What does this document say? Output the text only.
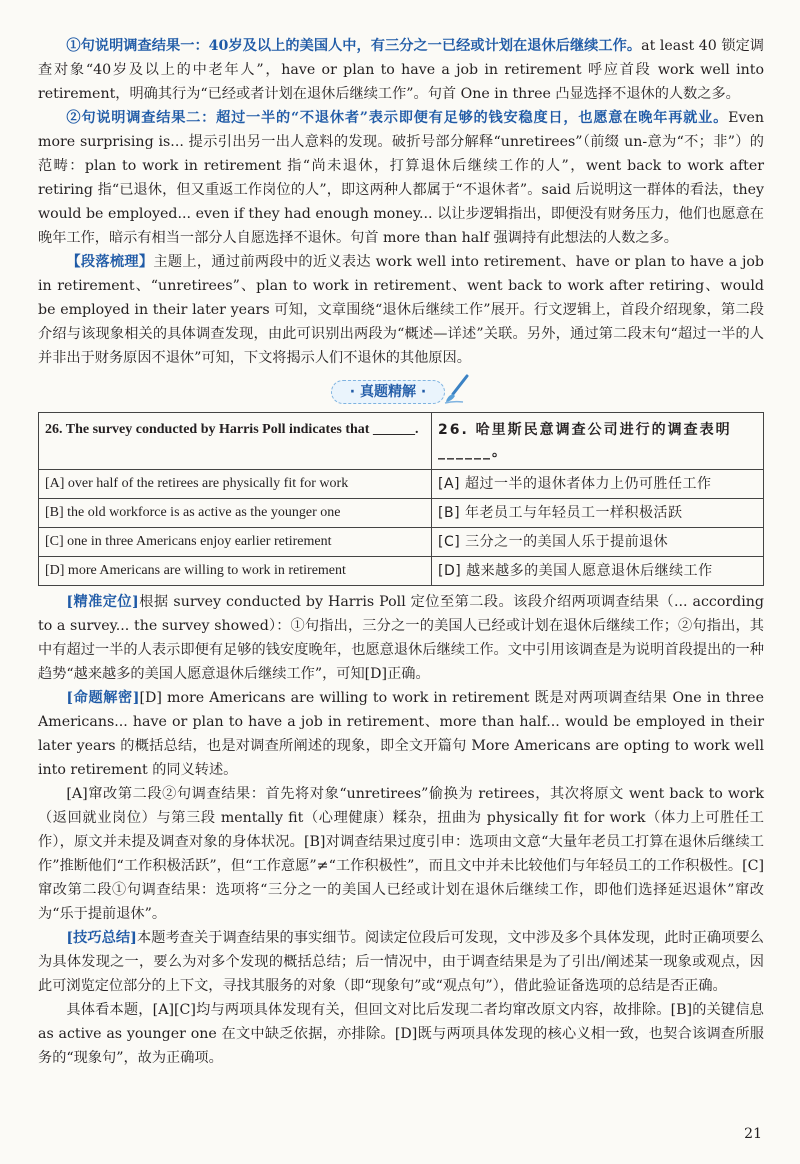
①句说明调查结果一：40岁及以上的美国人中，有三分之一已经或计划在退休后继续工作。at least 40 锁定调查对象“40岁及以上的中老年人”，have or plan to have a job in retirement 呼应首段 work well into retirement，明确其行为“已经或者计划在退休后继续工作”。句首 One in three 凸显选择不退休的人数之多。

②句说明调查结果二：超过一半的“不退休者”表示即便有足够的钱安稳度日，也愿意在晚年再就业。Even more surprising is... 提示引出另一出人意料的发现。破折号部分解释“unretirees”（前缀 un-意为“不；非”）的范畴：plan to work in retirement 指“尚未退休，打算退休后继续工作的人”，went back to work after retiring 指“已退休，但又重返工作岗位的人”，即这两种人都属于“不退休者”。said 后说明这一群体的看法，they would be employed... even if they had enough money... 以让步逻辑指出，即便没有财务压力，他们也愿意在晚年工作，暗示有相当一部分人自愿选择不退休。句首 more than half 强调持有此想法的人数之多。

【段落梳理】主题上，通过前两段中的近义表达 work well into retirement、have or plan to have a job in retirement、“unretirees”、plan to work in retirement、went back to work after retiring、would be employed in their later years 可知，文章围绕“退休后继续工作”展开。行文逻辑上，首段介绍现象，第二段介绍与该现象相关的具体调查发现，由此可识别出两段为“概述—详述”关联。另外，通过第二段末句“超过一半的人并非出于财务原因不退休”可知，下文将揭示人们不退休的其他原因。

· 真题精解 ·
26. The survey conducted by Harris Poll indicates that ______.	26. 哈里斯民意调查公司进行的调查表明______。
[A] over half of the retirees are physically fit for work	[A] 超过一半的退休者体力上仍可胜任工作
[B] the old workforce is as active as the younger one	[B] 年老员工与年轻员工一样积极活跃
[C] one in three Americans enjoy earlier retirement	[C] 三分之一的美国人乐于提前退休
[D] more Americans are willing to work in retirement	[D] 越来越多的美国人愿意退休后继续工作

[精准定位]根据 survey conducted by Harris Poll 定位至第二段。该段介绍两项调查结果（... according to a survey... the survey showed）：①句指出，三分之一的美国人已经或计划在退休后继续工作；②句指出，其中有超过一半的人表示即便有足够的钱安度晚年，也愿意退休后继续工作。文中引用该调查是为说明首段提出的一种趋势“越来越多的美国人愿意退休后继续工作”，可知[D]正确。

[命题解密][D] more Americans are willing to work in retirement 既是对两项调查结果 One in three Americans... have or plan to have a job in retirement、more than half... would be employed in their later years 的概括总结，也是对调查所阐述的现象，即全文开篇句 More Americans are opting to work well into retirement 的同义转述。

[A]窜改第二段②句调查结果：首先将对象“unretirees”偷换为 retirees，其次将原文 went back to work（返回就业岗位）与第三段 mentally fit（心理健康）糅杂，扭曲为 physically fit for work（体力上可胜任工作），原文并未提及调查对象的身体状况。[B]对调查结果过度引申：选项由文意“大量年老员工打算在退休后继续工作”推断他们“工作积极活跃”，但“工作意愿”≠“工作积极性”，而且文中并未比较他们与年轻员工的工作积极性。[C]窜改第二段①句调查结果：选项将“三分之一的美国人已经或计划在退休后继续工作，即他们选择延迟退休”窜改为“乐于提前退休”。

[技巧总结]本题考查关于调查结果的事实细节。阅读定位段后可发现，文中涉及多个具体发现，此时正确项要么为具体发现之一，要么为对多个发现的概括总结；后一情况中，由于调查结果是为了引出/阐述某一现象或观点，因此可浏览定位部分的上下文，寻找其服务的对象（即“现象句”或“观点句”），借此验证备选项的总结是否正确。

具体看本题，[A][C]均与两项具体发现有关，但回文对比后发现二者均窜改原文内容，故排除。[B]的关键信息 as active as younger one 在文中缺乏依据，亦排除。[D]既与两项具体发现的核心义相一致，也契合该调查所服务的“现象句”，故为正确项。

21
